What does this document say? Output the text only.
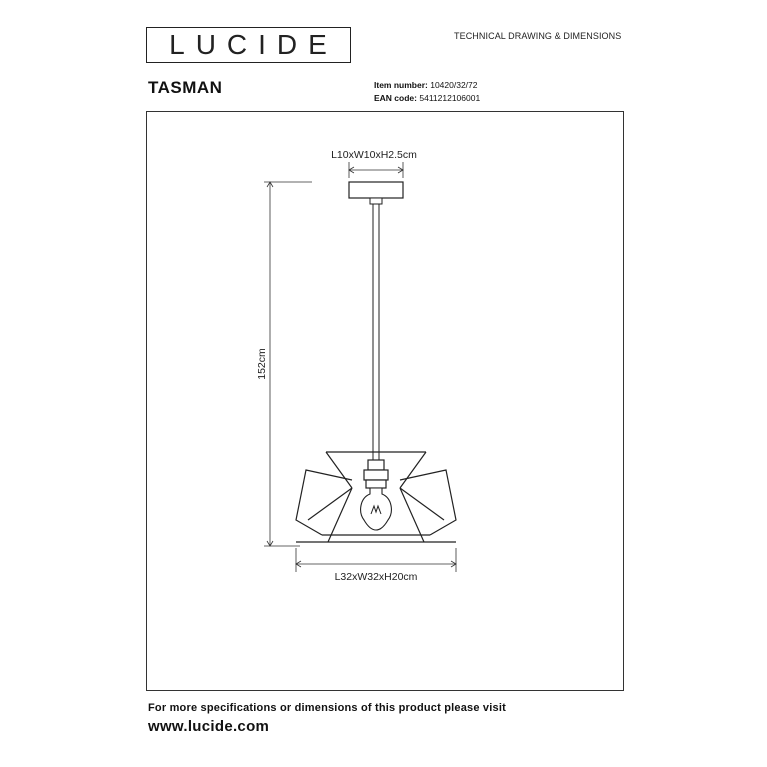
LUCIDE	TECHNICAL DRAWING & DIMENSIONS
TASMAN	Item number: 10420/32/72
EAN code: 5411212106001
L10xW10xH2.5cm
152cm
L32xW32xH20cm
For more specifications or dimensions of this product please visit
www.lucide.com
